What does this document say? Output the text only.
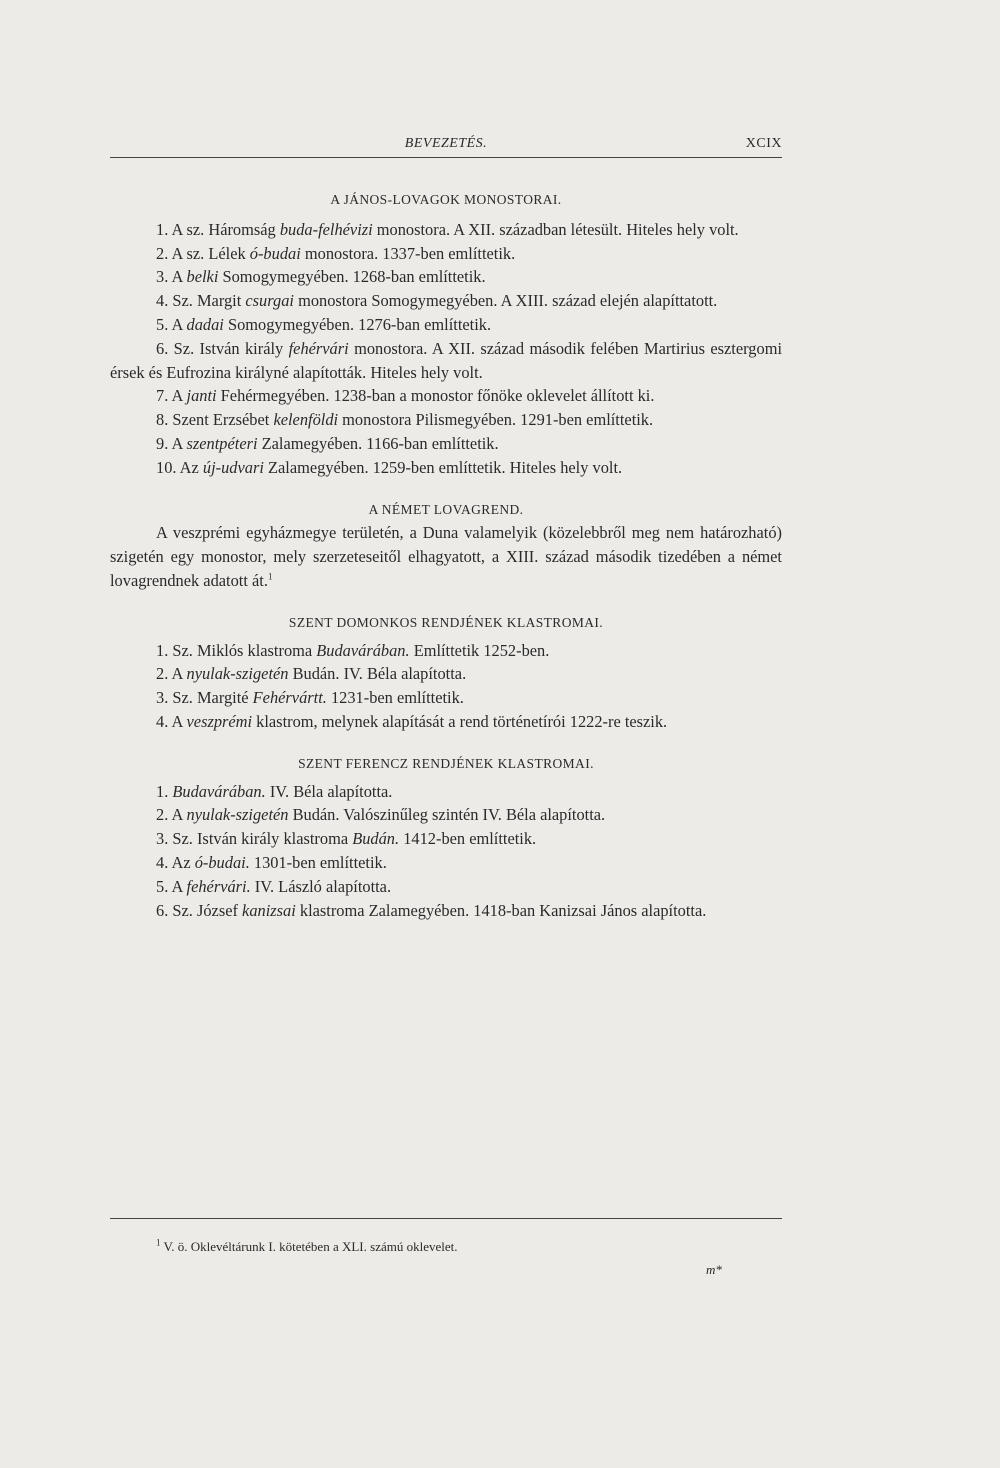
BEVEZETÉS.	XCIX

A JÁNOS-LOVAGOK MONOSTORAI.

1. A sz. Háromság buda-felhévizi monostora. A XII. században létesült. Hiteles hely volt.

2. A sz. Lélek ó-budai monostora. 1337-ben említtetik.

3. A belki Somogymegyében. 1268-ban említtetik.

4. Sz. Margit csurgai monostora Somogymegyében. A XIII. század elején alapíttatott.

5. A dadai Somogymegyében. 1276-ban említtetik.

6. Sz. István király fehérvári monostora. A XII. század második felében Martirius esztergomi érsek és Eufrozina királyné alapították. Hiteles hely volt.

7. A janti Fehérmegyében. 1238-ban a monostor főnöke oklevelet állított ki.

8. Szent Erzsébet kelenföldi monostora Pilismegyében. 1291-ben említtetik.

9. A szentpéteri Zalamegyében. 1166-ban említtetik.

10. Az új-udvari Zalamegyében. 1259-ben említtetik. Hiteles hely volt.

A NÉMET LOVAGREND.

A veszprémi egyházmegye területén, a Duna valamelyik (közelebbről meg nem határozható) szigetén egy monostor, mely szerzeteseitől elhagyatott, a XIII. század második tizedében a német lovagrendnek adatott át.$^1$

SZENT DOMONKOS RENDJÉNEK KLASTROMAI.

1. Sz. Miklós klastroma Budavárában. Említtetik 1252-ben.

2. A nyulak-szigetén Budán. IV. Béla alapította.

3. Sz. Margité Fehérvártt. 1231-ben említtetik.

4. A veszprémi klastrom, melynek alapítását a rend történetírói 1222-re teszik.

SZENT FERENCZ RENDJÉNEK KLASTROMAI.

1. Budavárában. IV. Béla alapította.

2. A nyulak-szigetén Budán. Valószinűleg szintén IV. Béla alapította.

3. Sz. István király klastroma Budán. 1412-ben említtetik.

4. Az ó-budai. 1301-ben említtetik.

5. A fehérvári. IV. László alapította.

6. Sz. József kanizsai klastroma Zalamegyében. 1418-ban Kanizsai János alapította.

$^1$ V. ö. Oklevéltárunk I. kötetében a XLI. számú oklevelet.
m*
